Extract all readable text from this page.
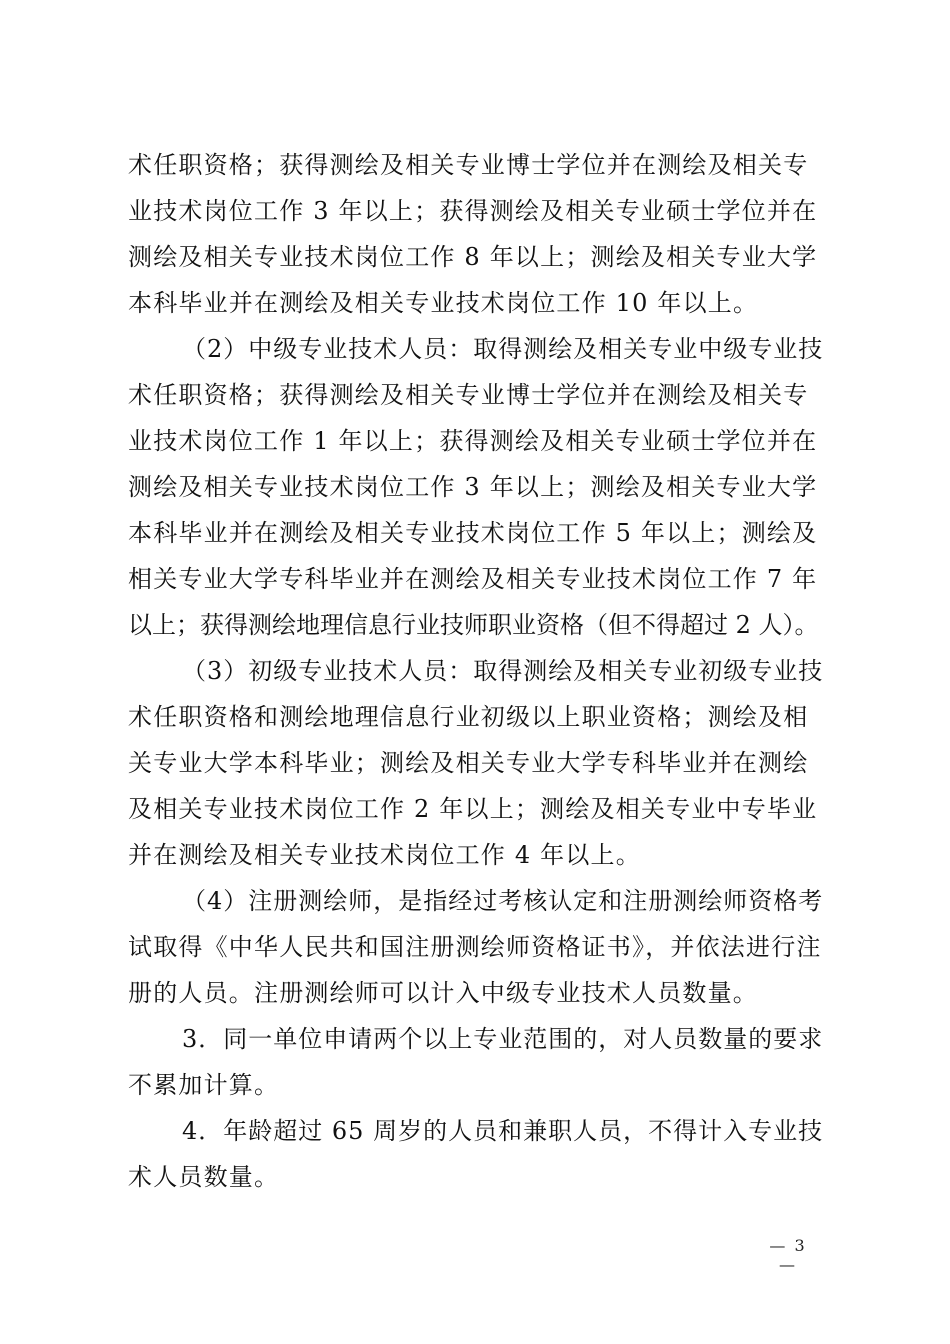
术任职资格；获得测绘及相关专业博士学位并在测绘及相关专
业技术岗位工作 3 年以上；获得测绘及相关专业硕士学位并在
测绘及相关专业技术岗位工作 8 年以上；测绘及相关专业大学
本科毕业并在测绘及相关专业技术岗位工作 10 年以上。
（2）中级专业技术人员：取得测绘及相关专业中级专业技
术任职资格；获得测绘及相关专业博士学位并在测绘及相关专
业技术岗位工作 1 年以上；获得测绘及相关专业硕士学位并在
测绘及相关专业技术岗位工作 3 年以上；测绘及相关专业大学
本科毕业并在测绘及相关专业技术岗位工作 5 年以上；测绘及
相关专业大学专科毕业并在测绘及相关专业技术岗位工作 7 年
以上；获得测绘地理信息行业技师职业资格（但不得超过 2 人）。
（3）初级专业技术人员：取得测绘及相关专业初级专业技
术任职资格和测绘地理信息行业初级以上职业资格；测绘及相
关专业大学本科毕业；测绘及相关专业大学专科毕业并在测绘
及相关专业技术岗位工作 2 年以上；测绘及相关专业中专毕业
并在测绘及相关专业技术岗位工作 4 年以上。
（4）注册测绘师，是指经过考核认定和注册测绘师资格考
试取得《中华人民共和国注册测绘师资格证书》，并依法进行注
册的人员。注册测绘师可以计入中级专业技术人员数量。
3．同一单位申请两个以上专业范围的，对人员数量的要求
不累加计算。
4．年龄超过 65 周岁的人员和兼职人员，不得计入专业技
术人员数量。
— 3 —
